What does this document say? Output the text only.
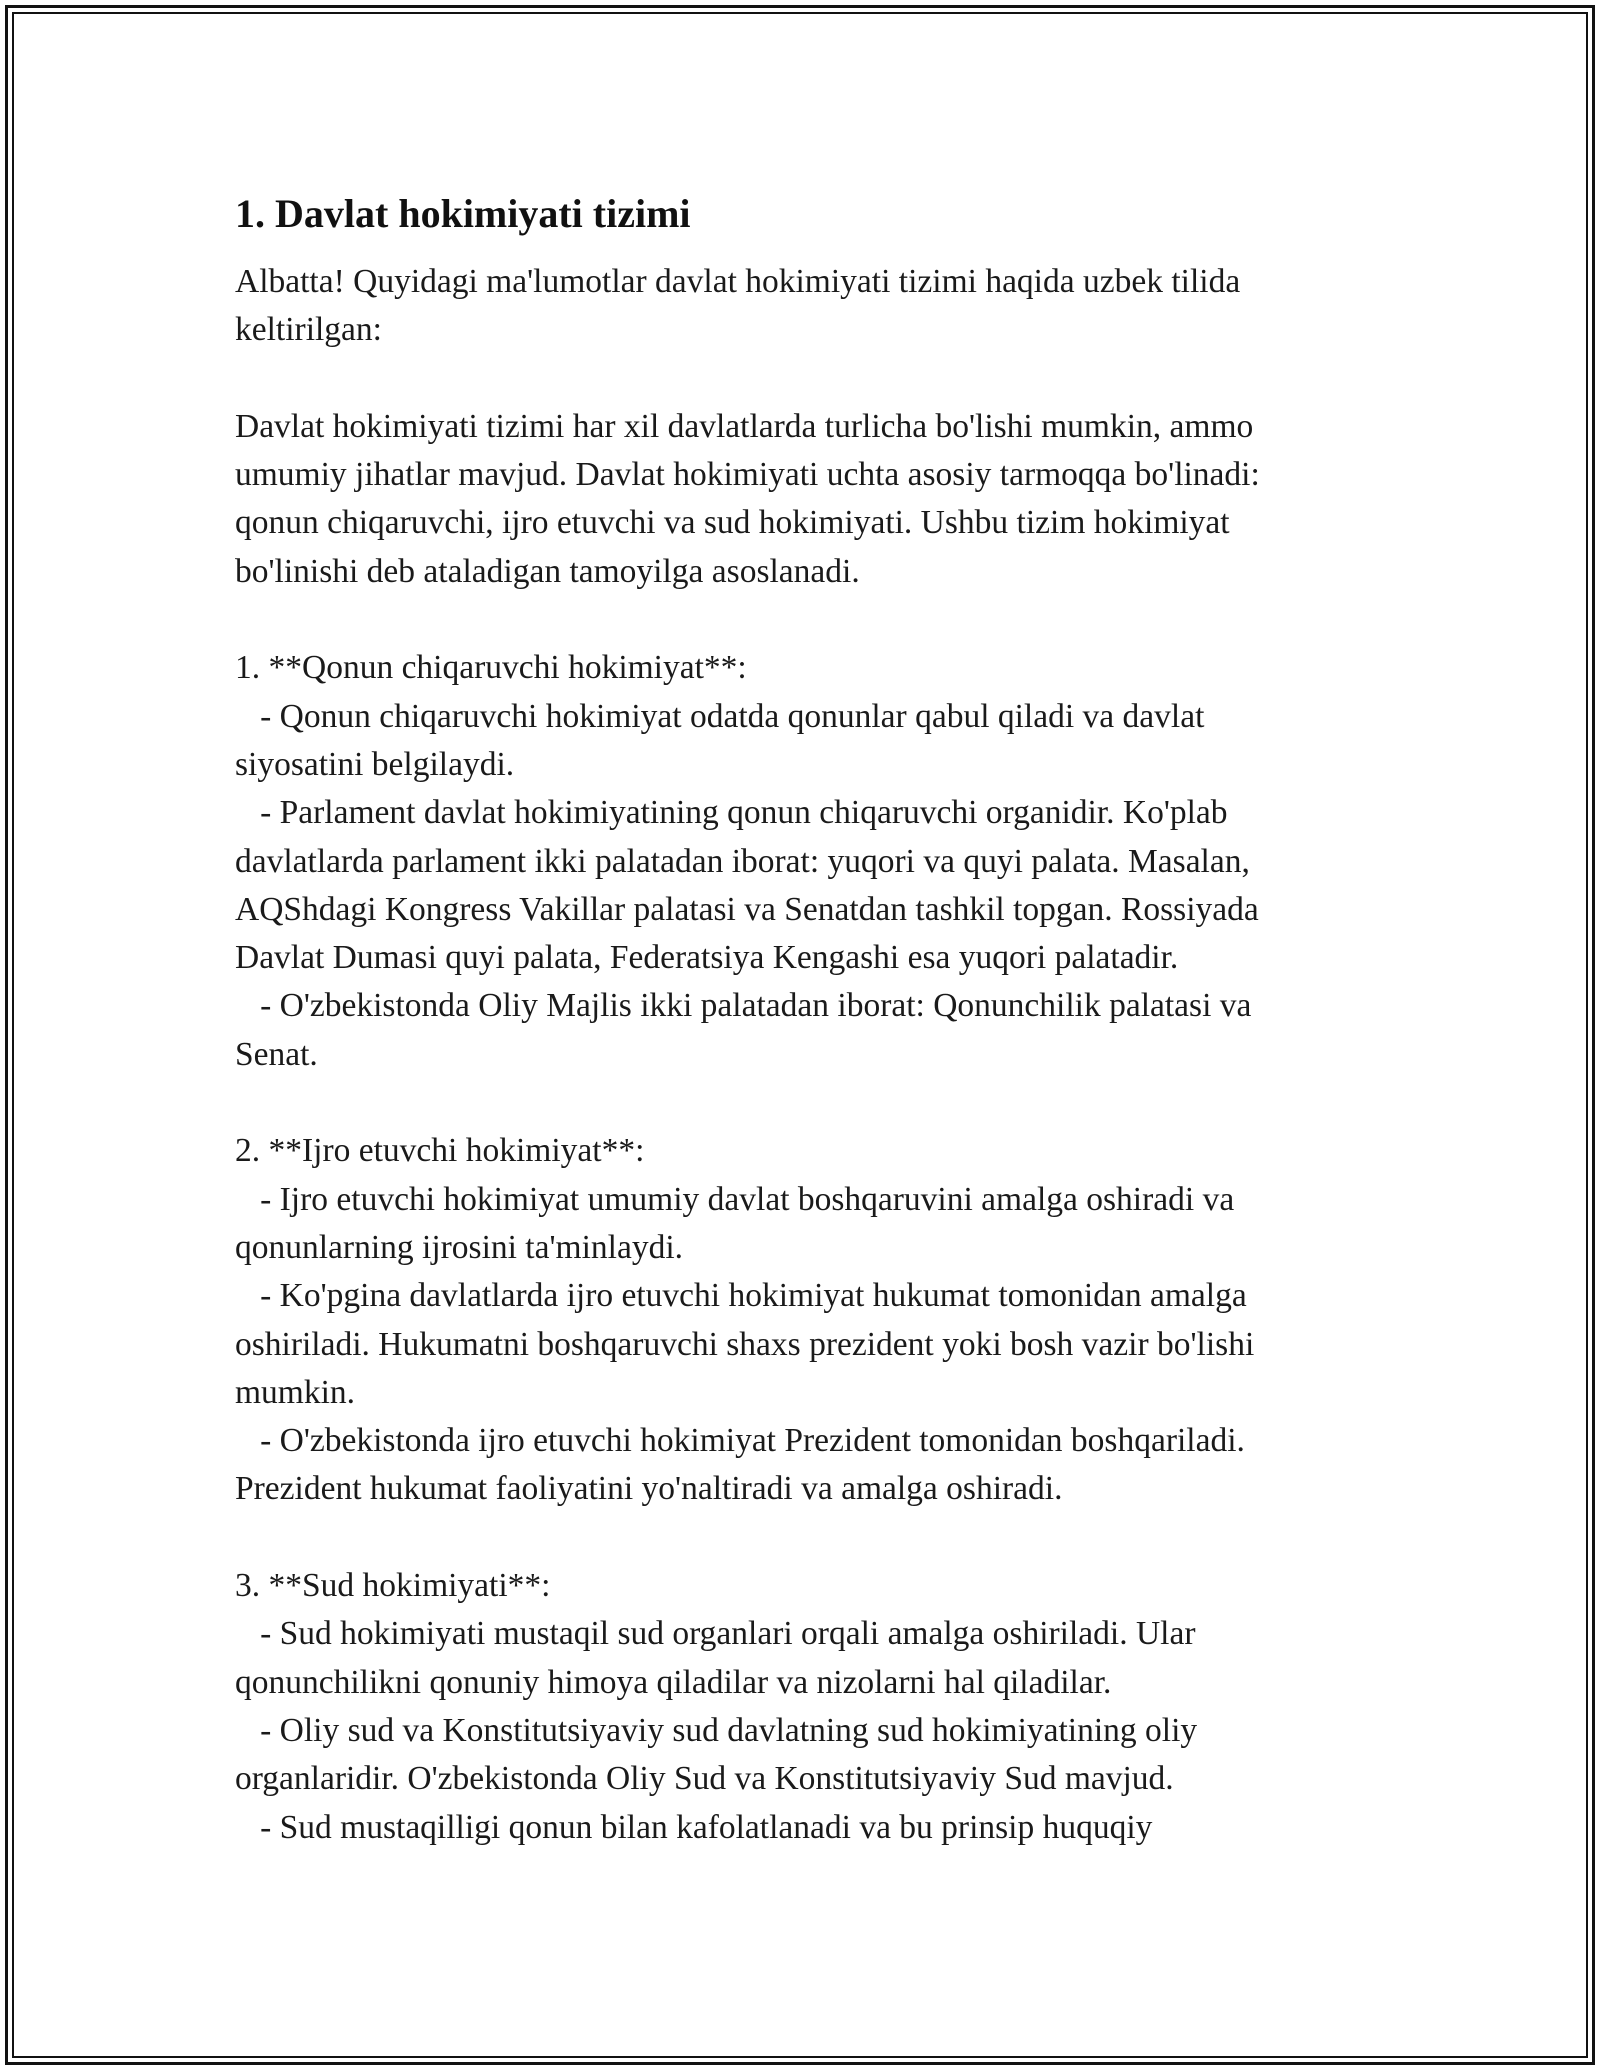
1. Davlat hokimiyati tizimi
Albatta! Quyidagi ma'lumotlar davlat hokimiyati tizimi haqida uzbek tilida
keltirilgan:
Davlat hokimiyati tizimi har xil davlatlarda turlicha bo'lishi mumkin, ammo
umumiy jihatlar mavjud. Davlat hokimiyati uchta asosiy tarmoqqa bo'linadi:
qonun chiqaruvchi, ijro etuvchi va sud hokimiyati. Ushbu tizim hokimiyat
bo'linishi deb ataladigan tamoyilga asoslanadi.
1. **Qonun chiqaruvchi hokimiyat**:
- Qonun chiqaruvchi hokimiyat odatda qonunlar qabul qiladi va davlat
siyosatini belgilaydi.
- Parlament davlat hokimiyatining qonun chiqaruvchi organidir. Ko'plab
davlatlarda parlament ikki palatadan iborat: yuqori va quyi palata. Masalan,
AQShdagi Kongress Vakillar palatasi va Senatdan tashkil topgan. Rossiyada
Davlat Dumasi quyi palata, Federatsiya Kengashi esa yuqori palatadir.
- O'zbekistonda Oliy Majlis ikki palatadan iborat: Qonunchilik palatasi va
Senat.
2. **Ijro etuvchi hokimiyat**:
- Ijro etuvchi hokimiyat umumiy davlat boshqaruvini amalga oshiradi va
qonunlarning ijrosini ta'minlaydi.
- Ko'pgina davlatlarda ijro etuvchi hokimiyat hukumat tomonidan amalga
oshiriladi. Hukumatni boshqaruvchi shaxs prezident yoki bosh vazir bo'lishi
mumkin.
- O'zbekistonda ijro etuvchi hokimiyat Prezident tomonidan boshqariladi.
Prezident hukumat faoliyatini yo'naltiradi va amalga oshiradi.
3. **Sud hokimiyati**:
- Sud hokimiyati mustaqil sud organlari orqali amalga oshiriladi. Ular
qonunchilikni qonuniy himoya qiladilar va nizolarni hal qiladilar.
- Oliy sud va Konstitutsiyaviy sud davlatning sud hokimiyatining oliy
organlaridir. O'zbekistonda Oliy Sud va Konstitutsiyaviy Sud mavjud.
- Sud mustaqilligi qonun bilan kafolatlanadi va bu prinsip huquqiy
